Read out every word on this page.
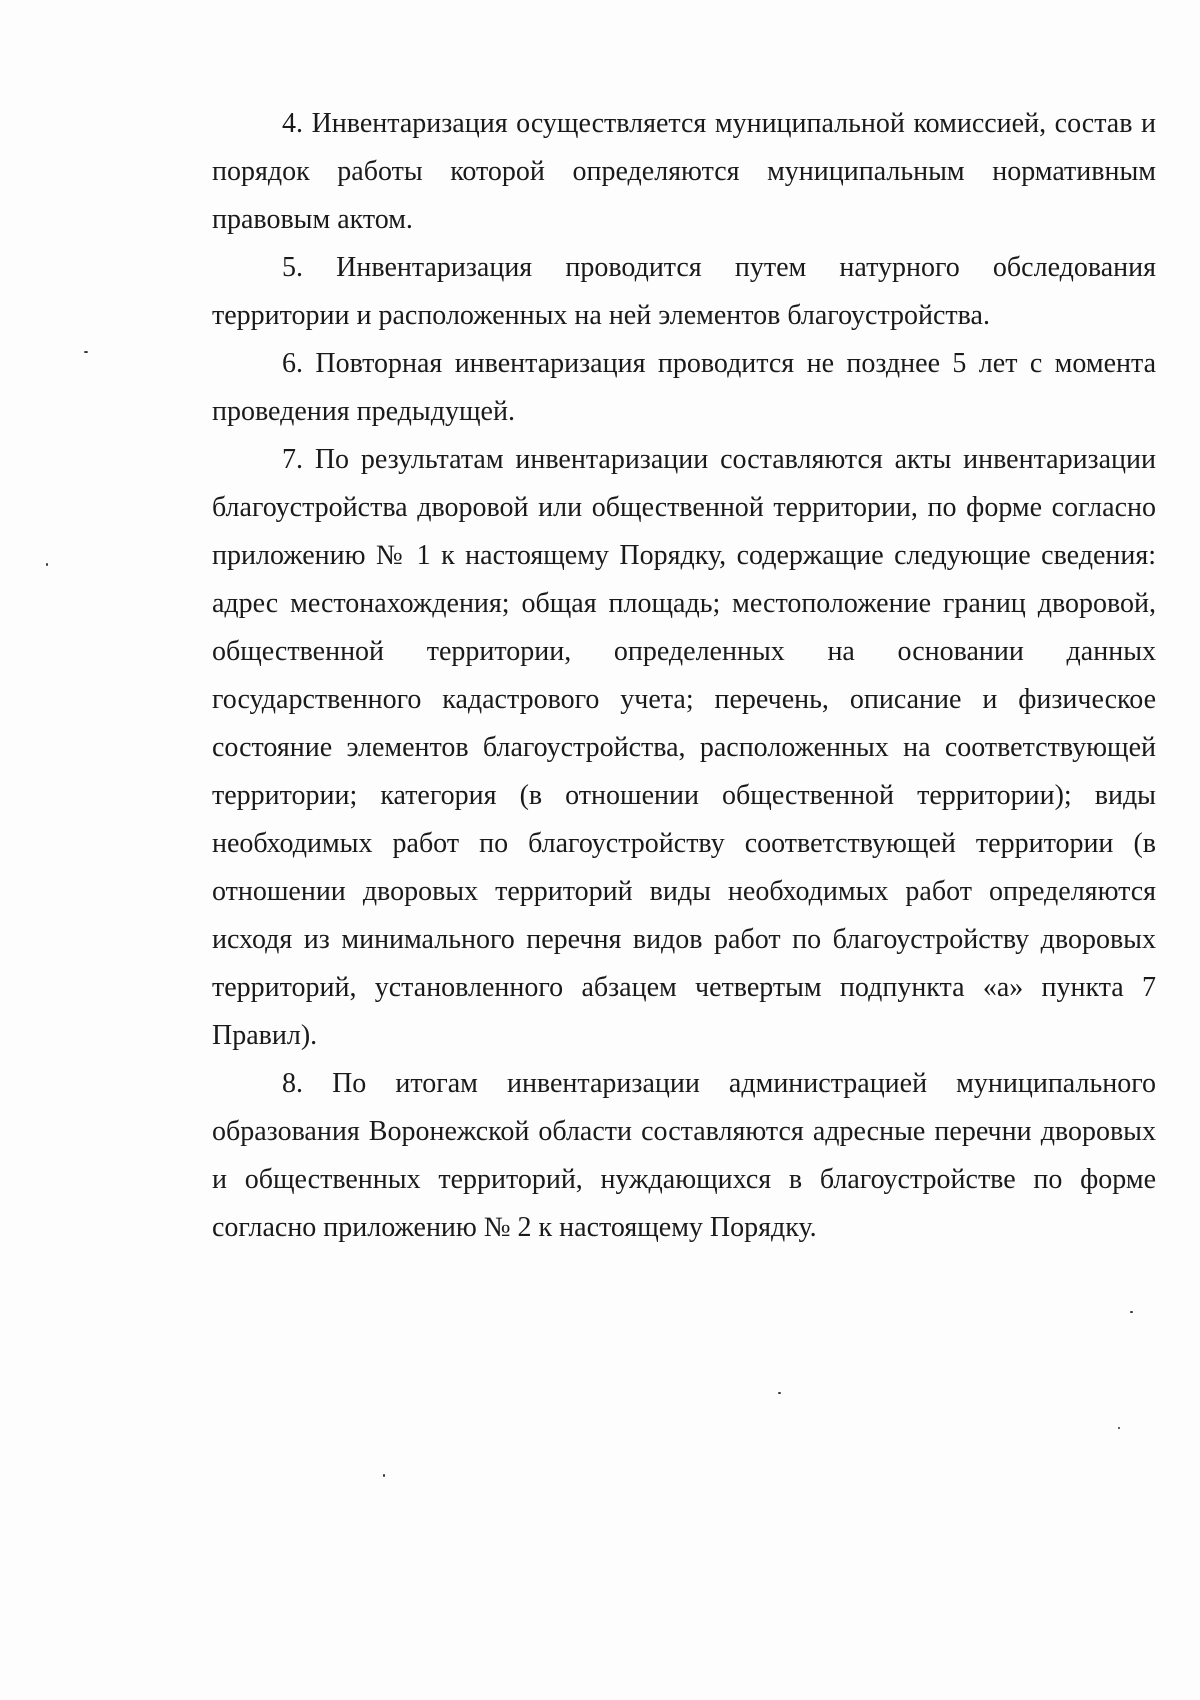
4. Инвентаризация осуществляется муниципальной комиссией, состав и порядок работы которой определяются муниципальным нормативным правовым актом.

5. Инвентаризация проводится путем натурного обследования территории и расположенных на ней элементов благоустройства.

6. Повторная инвентаризация проводится не позднее 5 лет с момента проведения предыдущей.

7. По результатам инвентаризации составляются акты инвентаризации благоустройства дворовой или общественной территории, по форме согласно приложению № 1 к настоящему Порядку, содержащие следующие сведения: адрес местонахождения; общая площадь; местоположение границ дворовой, общественной территории, определенных на основании данных государственного кадастрового учета; перечень, описание и физическое состояние элементов благоустройства, расположенных на соответствующей территории; категория (в отношении общественной территории); виды необходимых работ по благоустройству соответствующей территории (в отношении дворовых территорий виды необходимых работ определяются исходя из минимального перечня видов работ по благоустройству дворовых территорий, установленного абзацем четвертым подпункта «а» пункта 7 Правил).

8. По итогам инвентаризации администрацией муниципального образования Воронежской области составляются адресные перечни дворовых и общественных территорий, нуждающихся в благоустройстве по форме согласно приложению № 2 к настоящему Порядку.
